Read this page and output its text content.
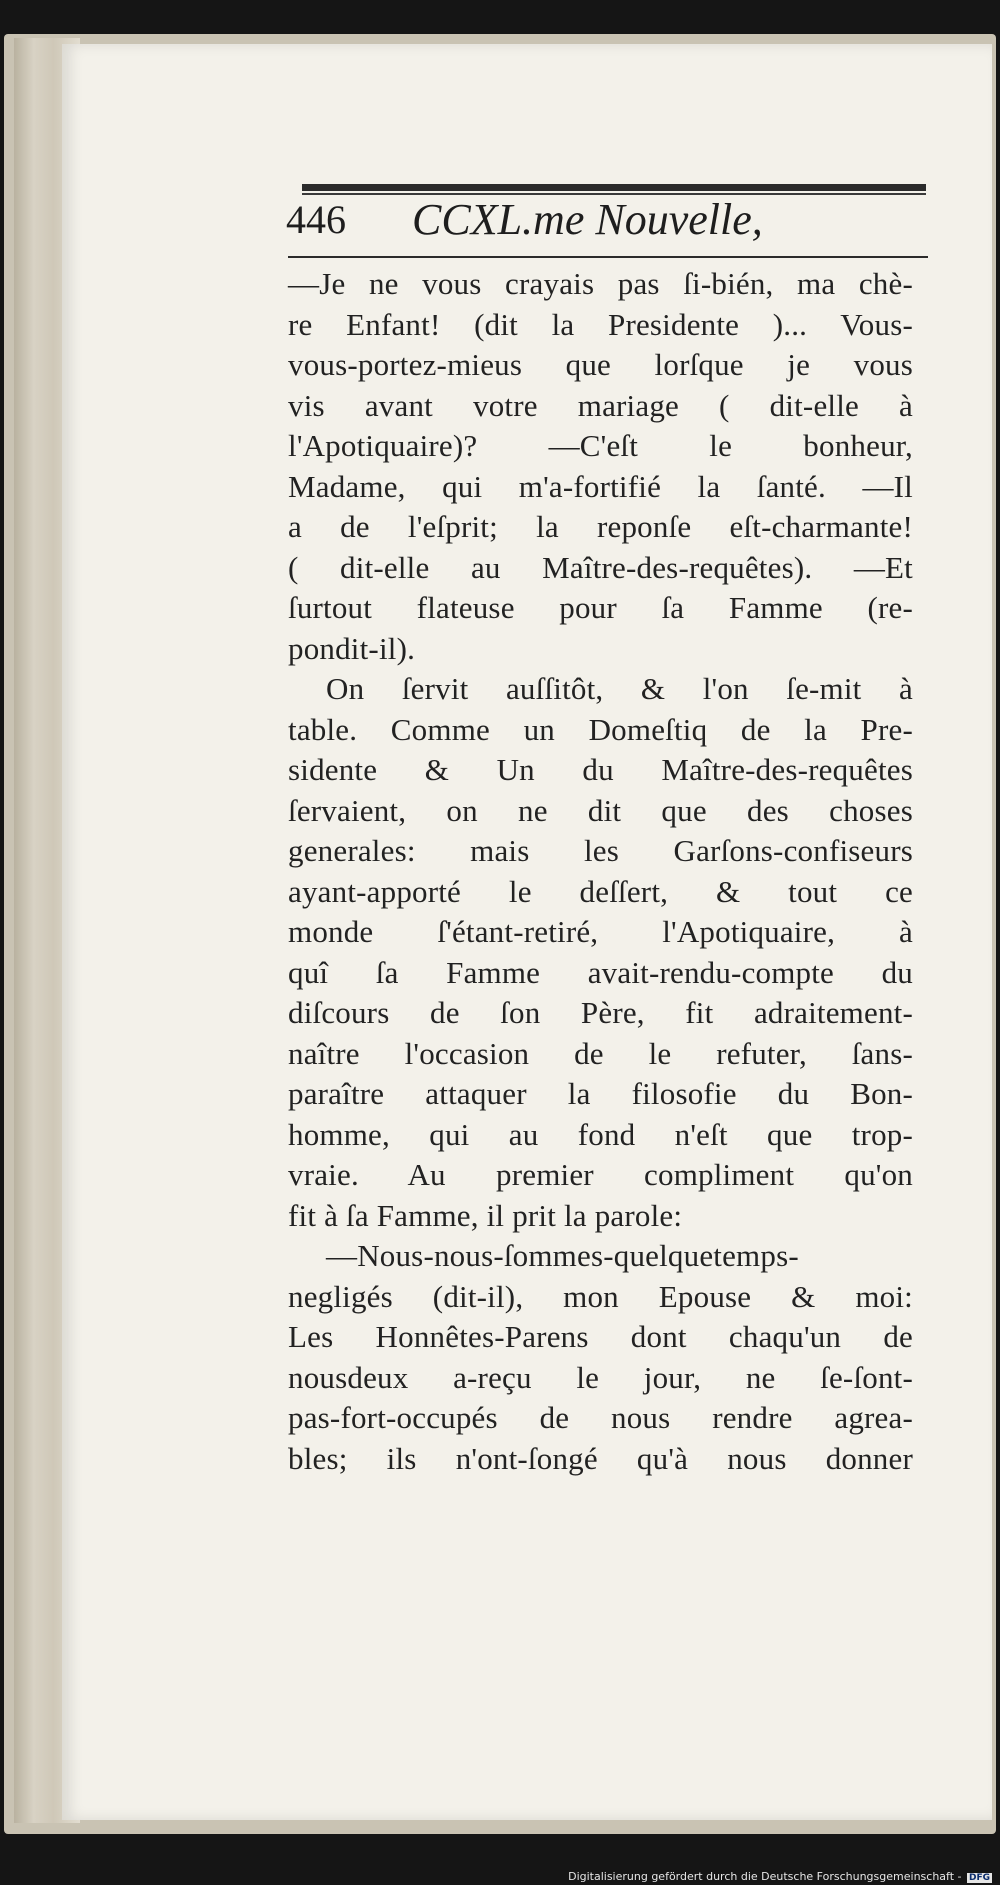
446 CCXL.me Nouvelle,
—Je ne vous crayais pas ſi-bién, ma chè-
re Enfant! (dit la Presidente )... Vous-
vous-portez-mieus que lorſque je vous
vis avant votre mariage ( dit-elle à
l'Apotiquaire)? —C'eſt le bonheur,
Madame, qui m'a-fortifié la ſanté. —Il
a de l'eſprit; la reponſe eſt-charmante!
( dit-elle au Maître-des-requêtes). —Et
ſurtout flateuse pour ſa Famme (re-
pondit-il).
On ſervit auſſitôt, & l'on ſe-mit à
table. Comme un Domeſtiq de la Pre-
sidente & Un du Maître-des-requêtes
ſervaient, on ne dit que des choses
generales: mais les Garſons-confiseurs
ayant-apporté le deſſert, & tout ce
monde ſ'étant-retiré, l'Apotiquaire, à
quî ſa Famme avait-rendu-compte du
diſcours de ſon Père, fit adraitement-
naître l'occasion de le refuter, ſans-
paraître attaquer la filosofie du Bon-
homme, qui au fond n'eſt que trop-
vraie. Au premier compliment qu'on
fit à ſa Famme, il prit la parole:
—Nous-nous-ſommes-quelquetemps-
negligés (dit-il), mon Epouse & moi:
Les Honnêtes-Parens dont chaqu'un de
nousdeux a-reçu le jour, ne ſe-ſont-
pas-fort-occupés de nous rendre agrea-
bles; ils n'ont-ſongé qu'à nous donner
Digitalisierung gefördert durch die Deutsche Forschungsgemeinschaft - DFG
